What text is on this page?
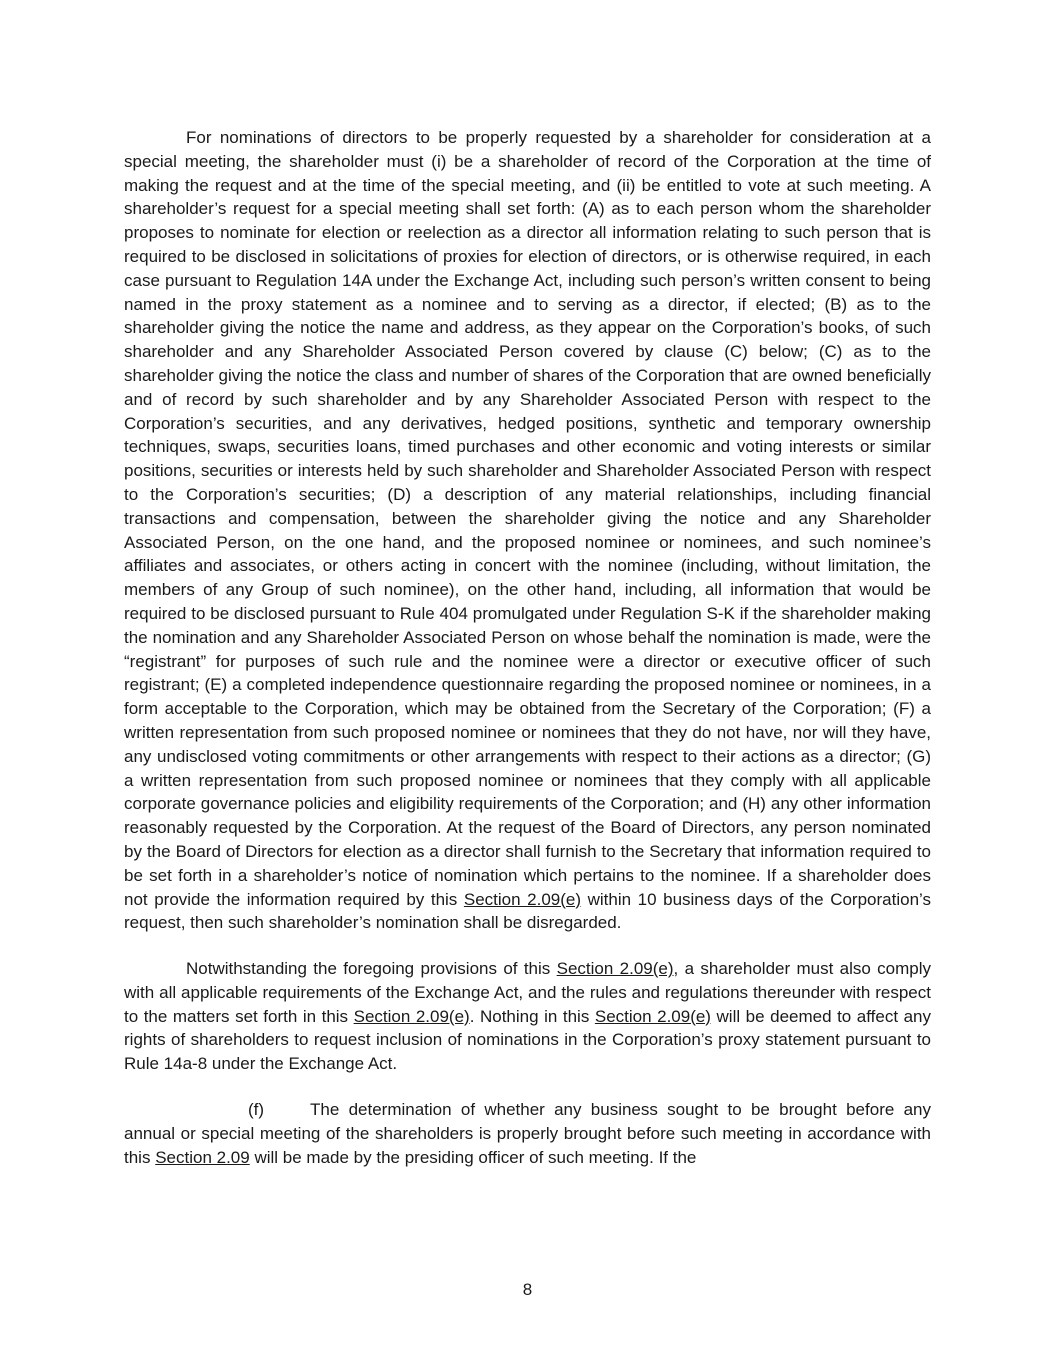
For nominations of directors to be properly requested by a shareholder for consideration at a special meeting, the shareholder must (i) be a shareholder of record of the Corporation at the time of making the request and at the time of the special meeting, and (ii) be entitled to vote at such meeting. A shareholder’s request for a special meeting shall set forth: (A) as to each person whom the shareholder proposes to nominate for election or reelection as a director all information relating to such person that is required to be disclosed in solicitations of proxies for election of directors, or is otherwise required, in each case pursuant to Regulation 14A under the Exchange Act, including such person’s written consent to being named in the proxy statement as a nominee and to serving as a director, if elected; (B) as to the shareholder giving the notice the name and address, as they appear on the Corporation’s books, of such shareholder and any Shareholder Associated Person covered by clause (C) below; (C) as to the shareholder giving the notice the class and number of shares of the Corporation that are owned beneficially and of record by such shareholder and by any Shareholder Associated Person with respect to the Corporation’s securities, and any derivatives, hedged positions, synthetic and temporary ownership techniques, swaps, securities loans, timed purchases and other economic and voting interests or similar positions, securities or interests held by such shareholder and Shareholder Associated Person with respect to the Corporation’s securities; (D) a description of any material relationships, including financial transactions and compensation, between the shareholder giving the notice and any Shareholder Associated Person, on the one hand, and the proposed nominee or nominees, and such nominee’s affiliates and associates, or others acting in concert with the nominee (including, without limitation, the members of any Group of such nominee), on the other hand, including, all information that would be required to be disclosed pursuant to Rule 404 promulgated under Regulation S-K if the shareholder making the nomination and any Shareholder Associated Person on whose behalf the nomination is made, were the “registrant” for purposes of such rule and the nominee were a director or executive officer of such registrant; (E) a completed independence questionnaire regarding the proposed nominee or nominees, in a form acceptable to the Corporation, which may be obtained from the Secretary of the Corporation; (F) a written representation from such proposed nominee or nominees that they do not have, nor will they have, any undisclosed voting commitments or other arrangements with respect to their actions as a director; (G) a written representation from such proposed nominee or nominees that they comply with all applicable corporate governance policies and eligibility requirements of the Corporation; and (H) any other information reasonably requested by the Corporation. At the request of the Board of Directors, any person nominated by the Board of Directors for election as a director shall furnish to the Secretary that information required to be set forth in a shareholder’s notice of nomination which pertains to the nominee. If a shareholder does not provide the information required by this Section 2.09(e) within 10 business days of the Corporation’s request, then such shareholder’s nomination shall be disregarded.

Notwithstanding the foregoing provisions of this Section 2.09(e), a shareholder must also comply with all applicable requirements of the Exchange Act, and the rules and regulations thereunder with respect to the matters set forth in this Section 2.09(e). Nothing in this Section 2.09(e) will be deemed to affect any rights of shareholders to request inclusion of nominations in the Corporation’s proxy statement pursuant to Rule 14a-8 under the Exchange Act.

(f)	The determination of whether any business sought to be brought before any annual or special meeting of the shareholders is properly brought before such meeting in accordance with this Section 2.09 will be made by the presiding officer of such meeting. If the

8
